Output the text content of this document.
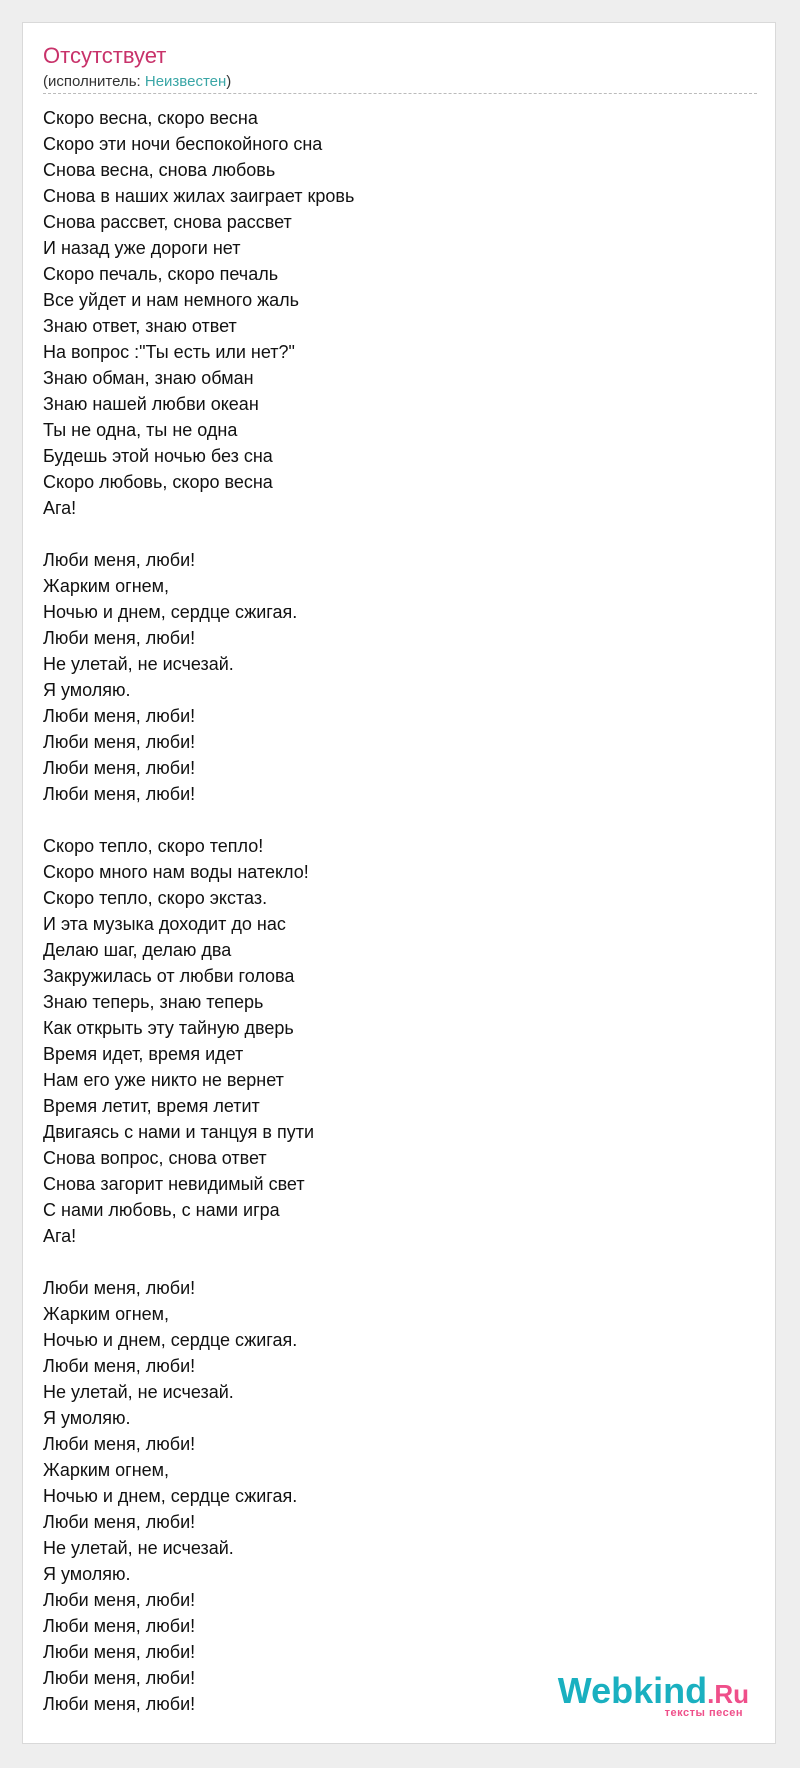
Отсутствует
(исполнитель: Неизвестен)
Скоро весна, скоро весна
Скоро эти ночи беспокойного сна
Снова весна, снова любовь
Снова в наших жилах заиграет кровь
Снова рассвет, снова рассвет
И назад уже дороги нет
Скоро печаль, скоро печаль
Все уйдет и нам немного жаль
Знаю ответ, знаю ответ
На вопрос :"Ты есть или нет?"
Знаю обман, знаю обман
Знаю нашей любви океан
Ты не одна, ты не одна
Будешь этой ночью без сна
Скоро любовь, скоро весна
Ага!
Люби меня, люби!
Жарким огнем,
Ночью и днем, сердце сжигая.
Люби меня, люби!
Не улетай, не исчезай.
Я умоляю.
Люби меня, люби!
Люби меня, люби!
Люби меня, люби!
Люби меня, люби!
Скоро тепло, скоро тепло!
Скоро много нам воды натекло!
Скоро тепло, скоро экстаз.
И эта музыка доходит до нас
Делаю шаг, делаю два
Закружилась от любви голова
Знаю теперь, знаю теперь
Как открыть эту тайную дверь
Время идет, время идет
Нам его уже никто не вернет
Время летит, время летит
Двигаясь с нами и танцуя в пути
Снова вопрос, снова ответ
Снова загорит невидимый свет
С нами любовь, с нами игра
Ага!
Люби меня, люби!
Жарким огнем,
Ночью и днем, сердце сжигая.
Люби меня, люби!
Не улетай, не исчезай.
Я умоляю.
Люби меня, люби!
Жарким огнем,
Ночью и днем, сердце сжигая.
Люби меня, люби!
Не улетай, не исчезай.
Я умоляю.
Люби меня, люби!
Люби меня, люби!
Люби меня, люби!
Люби меня, люби!
Люби меня, люби!	Webkind.Ru
тексты песен
